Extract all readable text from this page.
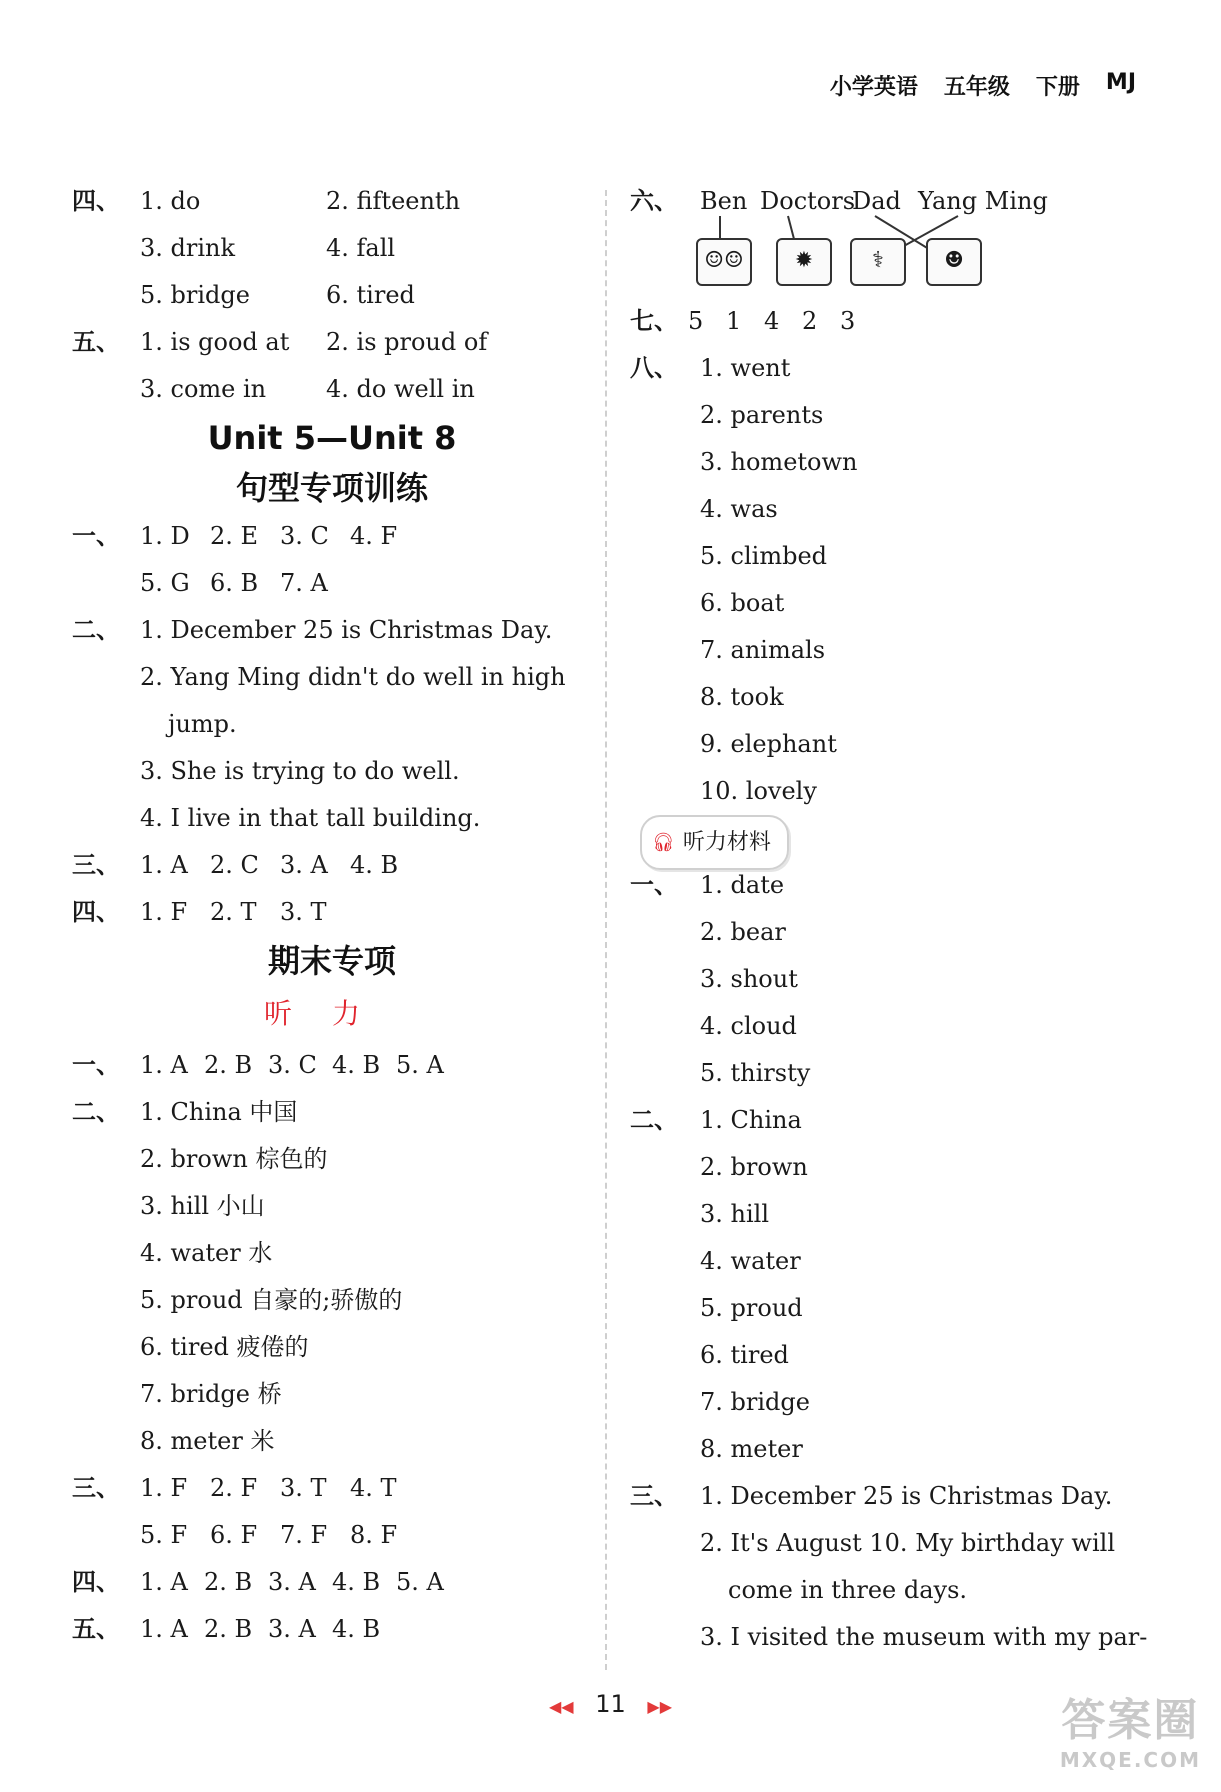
小学英语 五年级 下册 MJ
四、 1. do	2. fifteenth
3. drink	4. fall
5. bridge	6. tired
五、 1. is good at 2. is proud of
3. come in 4. do well in
Unit 5—Unit 8
句型专项训练
一、 1. D 2. E 3. C 4. F
5. G 6. B 7. A
二、 1. December 25 is Christmas Day.
2. Yang Ming didn't do well in high
jump.
3. She is trying to do well.
4. I live in that tall building.
三、 1. A 2. C 3. A 4. B
四、 1. F 2. T 3. T
期末专项
听力
一、 1. A 2. B 3. C 4. B 5. A
二、 1. China 中国
2. brown 棕色的
3. hill 小山
4. water 水
5. proud 自豪的;骄傲的
6. tired 疲倦的
7. bridge 桥
8. meter 米
三、 1. F 2. F 3. T 4. T
5. F 6. F 7. F 8. F
四、 1. A 2. B 3. A 4. B 5. A
五、 1. A 2. B 3. A 4. B
六、 Ben Doctors
Dad Yang Ming
☺☺	✹	⚕	☻
七、 5 1 4 2 3
八、 1. went
2. parents
3. hometown
4. was
5. climbed
6. boat
7. animals
8. took
9. elephant
10. lovely
🎧︎ 听力材料
一、 1. date
2. bear
3. shout
4. cloud
5. thirsty
二、 1. China
2. brown
3. hill
4. water
5. proud
6. tired
7. bridge
8. meter
三、 1. December 25 is Christmas Day.
2. It's August 10. My birthday will
come in three days.
3. I visited the museum with my par-
◀◀ 11 ▶▶	答案圈
MXQE.COM
